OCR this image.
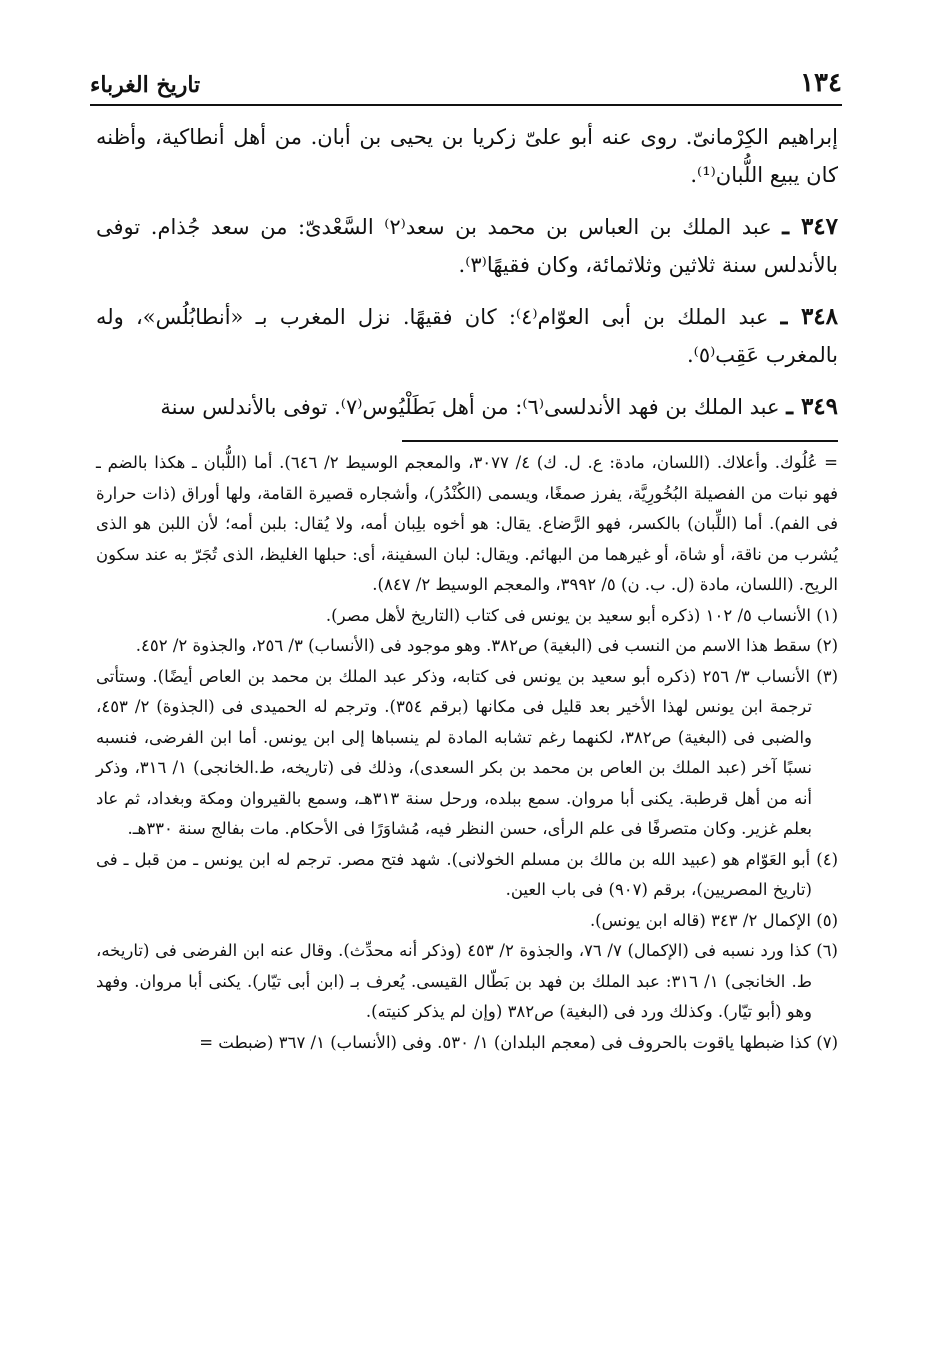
١٣٤
تاريخ الغرباء

إبراهيم الكِرْمانىّ. روى عنه أبو علىّ زكريا بن يحيى بن أبان. من أهل أنطاكية، وأظنه كان يبيع اللُّبان⁽¹⁾.

٣٤٧ ـ عبد الملك بن العباس بن محمد بن سعد⁽٢⁾ السَّعْدىّ: من سعد جُذام. توفى بالأندلس سنة ثلاثين وثلاثمائة، وكان فقيهًا⁽٣⁾.

٣٤٨ ـ عبد الملك بن أبى العوّام⁽٤⁾: كان فقيهًا. نزل المغرب بـ «أنطابُلُس»، وله بالمغرب عَقِب⁽٥⁾.

٣٤٩ ـ عبد الملك بن فهد الأندلسى⁽٦⁾: من أهل بَطَلْيُوس⁽٧⁾. توفى بالأندلس سنة

= عُلُوك. وأعلاك. (اللسان، مادة: ع. ل. ك) ٤/ ٣٠٧٧، والمعجم الوسيط ٢/ ٦٤٦). أما (اللُّبان ـ هكذا بالضم ـ فهو نبات من الفصيلة البُخُورِيَّة، يفرز صمغًا، ويسمى (الكُنْدُر)، وأشجاره قصيرة القامة، ولها أوراق (ذات حرارة فى الفم). أما (اللِّبان) بالكسر، فهو الرَّضاع. يقال: هو أخوه بلِبان أمه، ولا يُقال: بلبن أمه؛ لأن اللبن هو الذى يُشرب من ناقة، أو شاة، أو غيرهما من البهائم. ويقال: لبان السفينة، أى: حبلها الغليظ، الذى تُجَرّ به عند سكون الريح. (اللسان، مادة (ل. ب. ن) ٥/ ٣٩٩٢، والمعجم الوسيط ٢/ ٨٤٧).

(١) الأنساب ٥/ ١٠٢ (ذكره أبو سعيد بن يونس فى كتاب (التاريخ لأهل مصر).

(٢) سقط هذا الاسم من النسب فى (البغية) ص٣٨٢. وهو موجود فى (الأنساب) ٣/ ٢٥٦، والجذوة ٢/ ٤٥٢.

(٣) الأنساب ٣/ ٢٥٦ (ذكره أبو سعيد بن يونس فى كتابه، وذكر عبد الملك بن محمد بن العاص أيضًا). وستأتى ترجمة ابن يونس لهذا الأخير بعد قليل فى مكانها (برقم ٣٥٤). وترجم له الحميدى فى (الجذوة) ٢/ ٤٥٣، والضبى فى (البغية) ص٣٨٢، لكنهما رغم تشابه المادة لم ينسباها إلى ابن يونس. أما ابن الفرضى، فنسبه نسبًا آخر (عبد الملك بن العاص بن محمد بن بكر السعدى)، وذلك فى (تاريخه، ط.الخانجى) ١/ ٣١٦، وذكر أنه من أهل قرطبة. يكنى أبا مروان. سمع ببلده، ورحل سنة ٣١٣هـ، وسمع بالقيروان ومكة وبغداد، ثم عاد بعلم غزير. وكان متصرفًا فى علم الرأى، حسن النظر فيه، مُشاوَرًا فى الأحكام. مات بفالج سنة ٣٣٠هـ.

(٤) أبو العَوّام هو (عبيد الله بن مالك بن مسلم الخولانى). شهد فتح مصر. ترجم له ابن يونس ـ من قبل ـ فى (تاريخ المصريين)، برقم (٩٠٧) فى باب العين.

(٥) الإكمال ٢/ ٣٤٣ (قاله ابن يونس).

(٦) كذا ورد نسبه فى (الإكمال) ٧/ ٧٦، والجذوة ٢/ ٤٥٣ (وذكر أنه محدِّث). وقال عنه ابن الفرضى فى (تاريخه، ط. الخانجى) ١/ ٣١٦: عبد الملك بن فهد بن بَطّال القيسى. يُعرف بـ (ابن أبى تيّار). يكنى أبا مروان. وفهد وهو (أبو تيّار). وكذلك ورد فى (البغية) ص٣٨٢ (وإن لم يذكر كنيته).

(٧) كذا ضبطها ياقوت بالحروف فى (معجم البلدان) ١/ ٥٣٠. وفى (الأنساب) ١/ ٣٦٧ (ضبطت =
